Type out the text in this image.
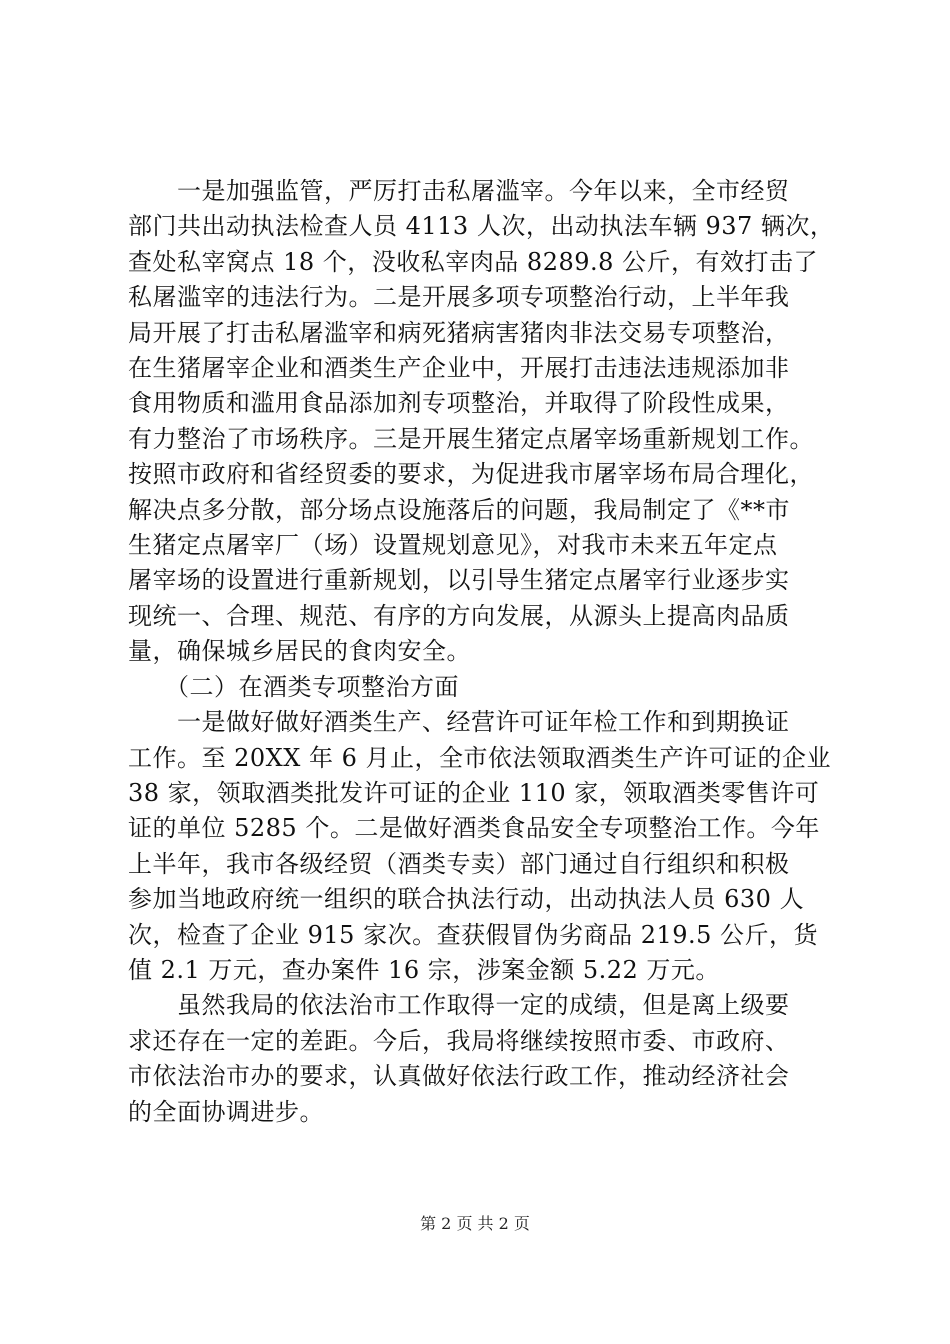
　　一是加强监管，严厉打击私屠滥宰。今年以来，全市经贸
部门共出动执法检查人员 4113 人次，出动执法车辆 937 辆次，
查处私宰窝点 18 个，没收私宰肉品 8289.8 公斤，有效打击了
私屠滥宰的违法行为。二是开展多项专项整治行动，上半年我
局开展了打击私屠滥宰和病死猪病害猪肉非法交易专项整治，
在生猪屠宰企业和酒类生产企业中，开展打击违法违规添加非
食用物质和滥用食品添加剂专项整治，并取得了阶段性成果，
有力整治了市场秩序。三是开展生猪定点屠宰场重新规划工作。
按照市政府和省经贸委的要求，为促进我市屠宰场布局合理化，
解决点多分散，部分场点设施落后的问题，我局制定了《**市
生猪定点屠宰厂（场）设置规划意见》，对我市未来五年定点
屠宰场的设置进行重新规划，以引导生猪定点屠宰行业逐步实
现统一、合理、规范、有序的方向发展，从源头上提高肉品质
量，确保城乡居民的食肉安全。
　　（二）在酒类专项整治方面
　　一是做好做好酒类生产、经营许可证年检工作和到期换证
工作。至 20XX 年 6 月止，全市依法领取酒类生产许可证的企业
38 家，领取酒类批发许可证的企业 110 家，领取酒类零售许可
证的单位 5285 个。二是做好酒类食品安全专项整治工作。今年
上半年，我市各级经贸（酒类专卖）部门通过自行组织和积极
参加当地政府统一组织的联合执法行动，出动执法人员 630 人
次，检查了企业 915 家次。查获假冒伪劣商品 219.5 公斤，货
值 2.1 万元，查办案件 16 宗，涉案金额 5.22 万元。
　　虽然我局的依法治市工作取得一定的成绩，但是离上级要
求还存在一定的差距。今后，我局将继续按照市委、市政府、
市依法治市办的要求，认真做好依法行政工作，推动经济社会
的全面协调进步。
第 2 页 共 2 页
